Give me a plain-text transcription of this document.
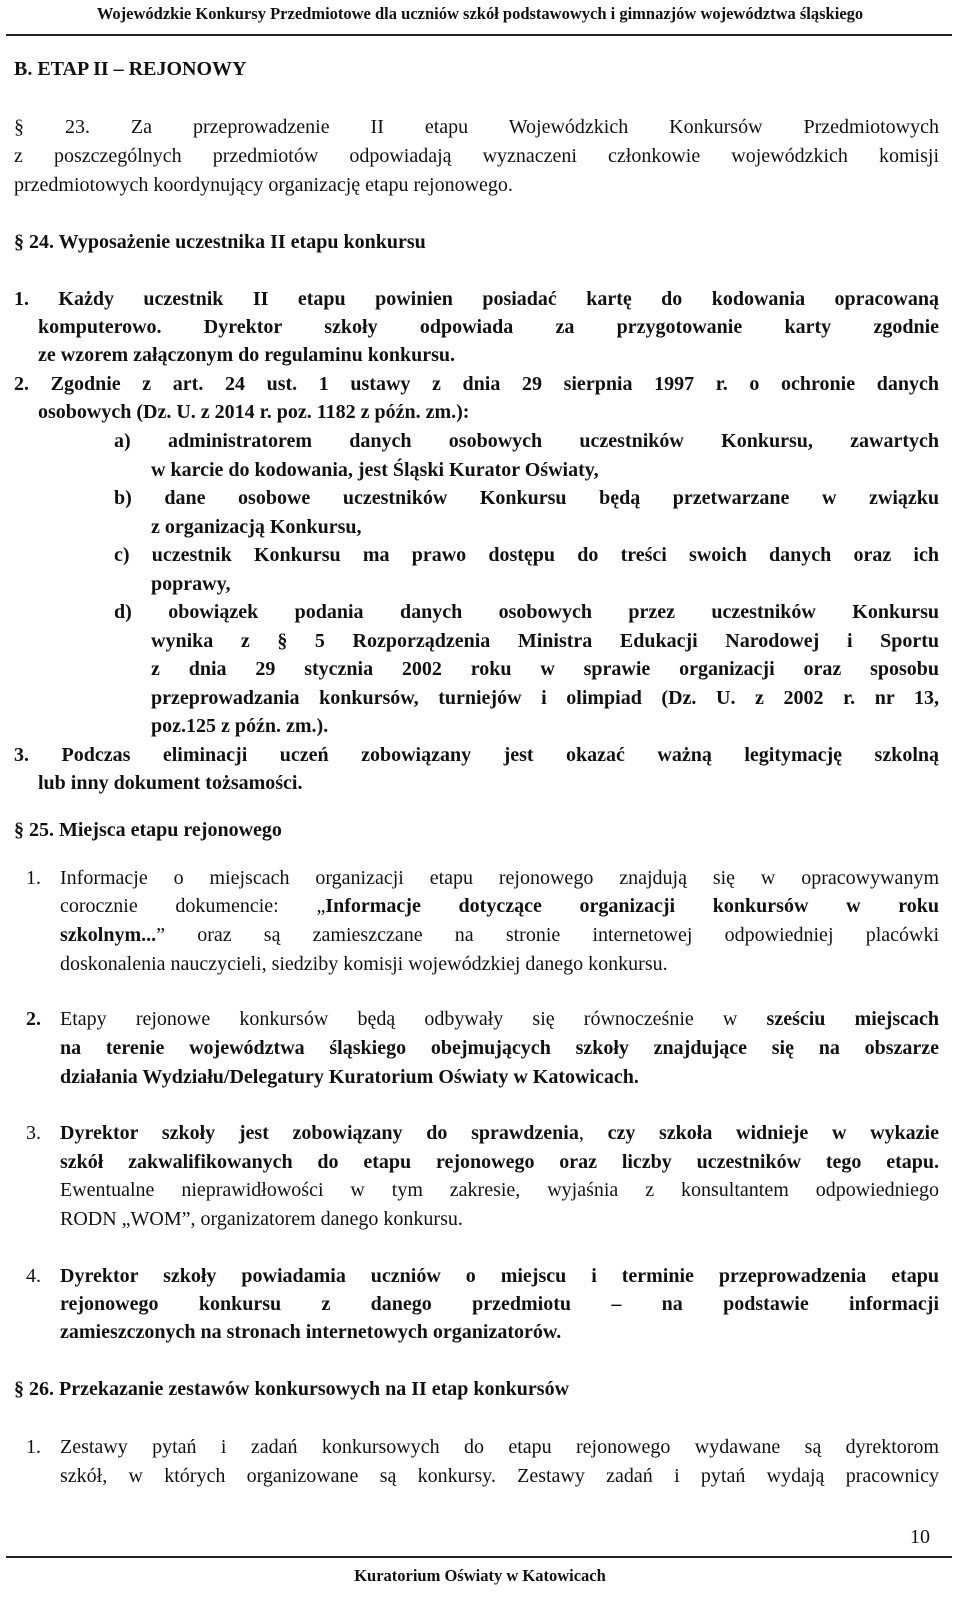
Wojewódzkie Konkursy Przedmiotowe dla uczniów szkół podstawowych i gimnazjów województwa śląskiego

B. ETAP II – REJONOWY

§ 23. Za przeprowadzenie II etapu Wojewódzkich Konkursów Przedmiotowych

z poszczególnych przedmiotów odpowiadają wyznaczeni członkowie wojewódzkich komisji

przedmiotowych koordynujący organizację etapu rejonowego.

§ 24. Wyposażenie uczestnika II etapu konkursu

1. Każdy uczestnik II etapu powinien posiadać kartę do kodowania opracowaną

komputerowo. Dyrektor szkoły odpowiada za przygotowanie karty zgodnie

ze wzorem załączonym do regulaminu konkursu.

2. Zgodnie z art. 24 ust. 1 ustawy z dnia 29 sierpnia 1997 r. o ochronie danych

osobowych (Dz. U. z 2014 r. poz. 1182 z późn. zm.):

a) administratorem danych osobowych uczestników Konkursu, zawartych

w karcie do kodowania, jest Śląski Kurator Oświaty,

b) dane osobowe uczestników Konkursu będą przetwarzane w związku

z organizacją Konkursu,

c) uczestnik Konkursu ma prawo dostępu do treści swoich danych oraz ich

poprawy,

d) obowiązek podania danych osobowych przez uczestników Konkursu

wynika z § 5 Rozporządzenia Ministra Edukacji Narodowej i Sportu

z dnia 29 stycznia 2002 roku w sprawie organizacji oraz sposobu

przeprowadzania konkursów, turniejów i olimpiad (Dz. U. z 2002 r. nr 13,

poz.125 z późn. zm.).

3. Podczas eliminacji uczeń zobowiązany jest okazać ważną legitymację szkolną

lub inny dokument tożsamości.

§ 25. Miejsca etapu rejonowego

1. Informacje o miejscach organizacji etapu rejonowego znajdują się w opracowywanym

corocznie dokumencie: „Informacje dotyczące organizacji konkursów w roku

szkolnym...” oraz są zamieszczane na stronie internetowej odpowiedniej placówki

doskonalenia nauczycieli, siedziby komisji wojewódzkiej danego konkursu.

2. Etapy rejonowe konkursów będą odbywały się równocześnie w sześciu miejscach

na terenie województwa śląskiego obejmujących szkoły znajdujące się na obszarze

działania Wydziału/Delegatury Kuratorium Oświaty w Katowicach.

3. Dyrektor szkoły jest zobowiązany do sprawdzenia, czy szkoła widnieje w wykazie

szkół zakwalifikowanych do etapu rejonowego oraz liczby uczestników tego etapu.

Ewentualne nieprawidłowości w tym zakresie, wyjaśnia z konsultantem odpowiedniego

RODN „WOM”, organizatorem danego konkursu.

4. Dyrektor szkoły powiadamia uczniów o miejscu i terminie przeprowadzenia etapu

rejonowego konkursu z danego przedmiotu – na podstawie informacji

zamieszczonych na stronach internetowych organizatorów.

§ 26. Przekazanie zestawów konkursowych na II etap konkursów

1. Zestawy pytań i zadań konkursowych do etapu rejonowego wydawane są dyrektorom

szkół, w których organizowane są konkursy. Zestawy zadań i pytań wydają pracownicy

10

Kuratorium Oświaty w Katowicach
